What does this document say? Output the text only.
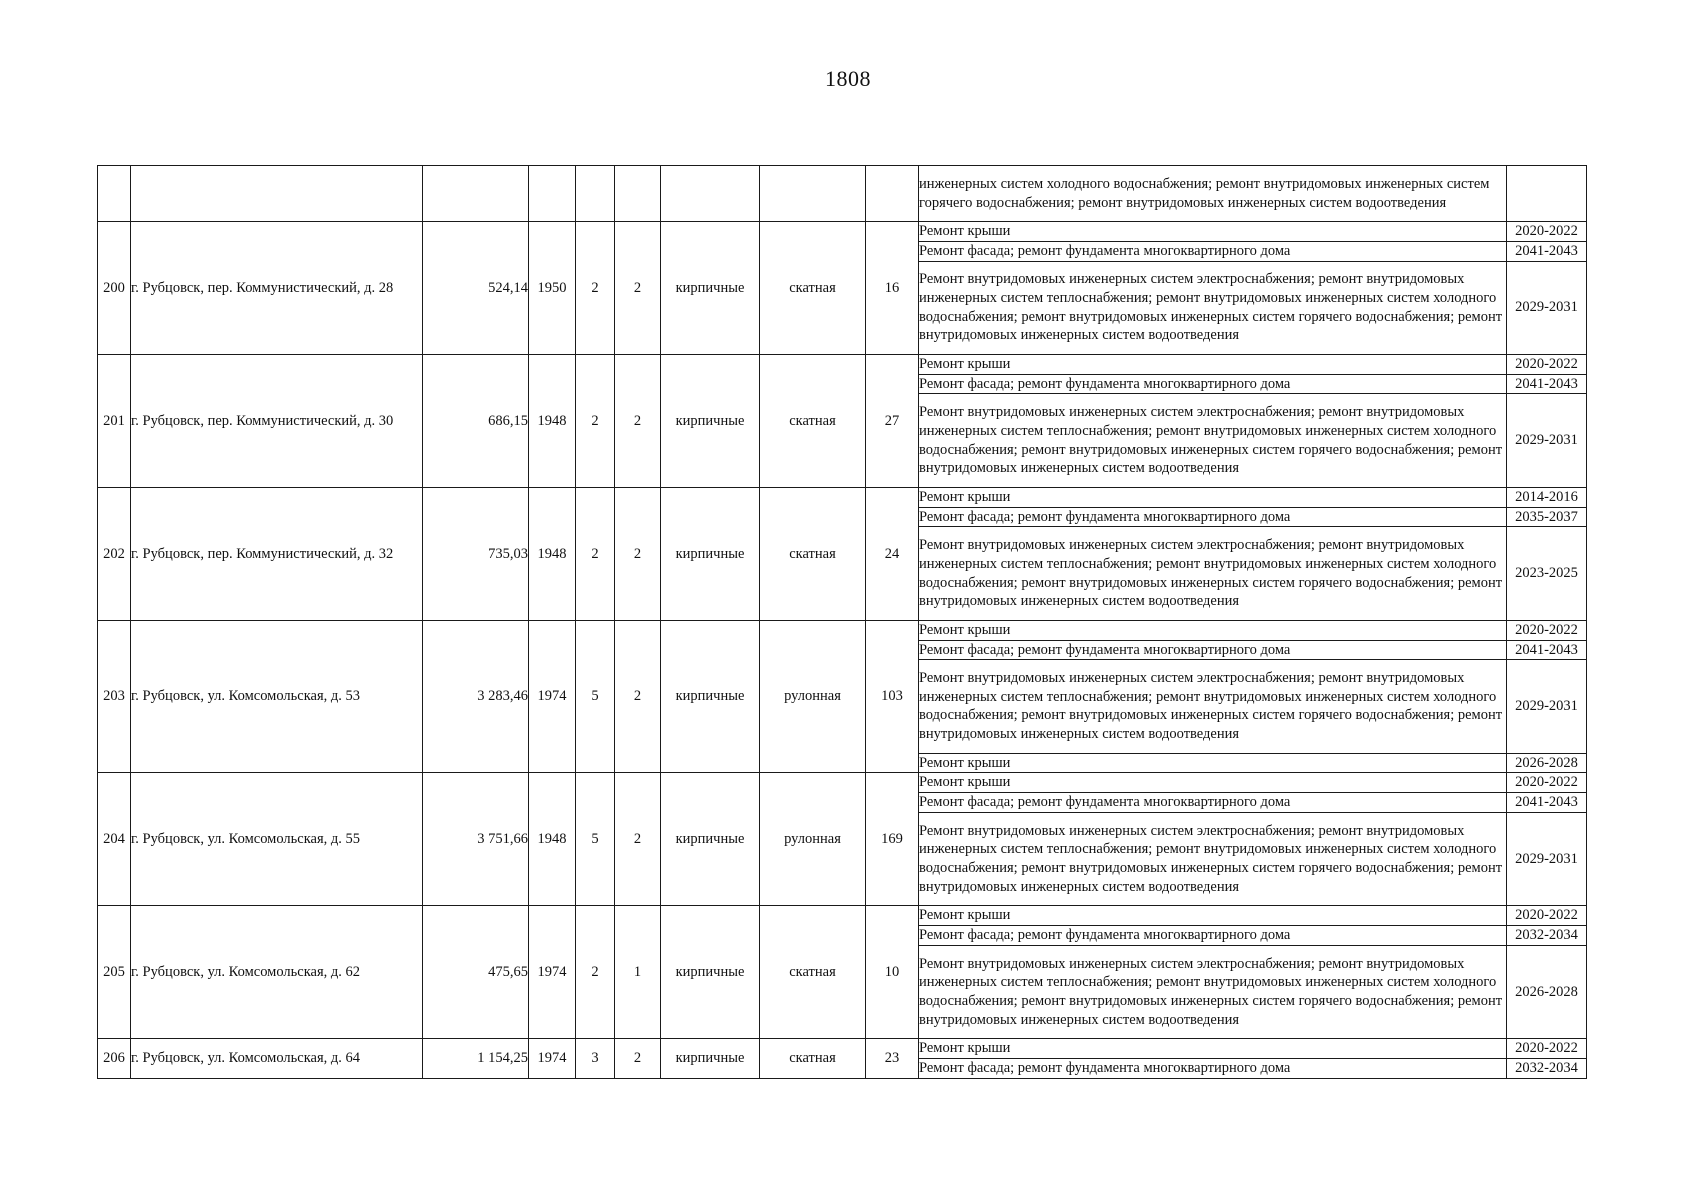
1808
									инженерных систем холодного водоснабжения; ремонт внутридомовых инженерных систем горячего водоснабжения; ремонт внутридомовых инженерных систем водоотведения	
200	г. Рубцовск, пер. Коммунистический, д. 28	524,14	1950	2	2	кирпичные	скатная	16	Ремонт крыши	2020-2022
									Ремонт фасада; ремонт фундамента многоквартирного дома	2041-2043
									Ремонт внутридомовых инженерных систем электроснабжения; ремонт внутридомовых инженерных систем теплоснабжения; ремонт внутридомовых инженерных систем холодного водоснабжения; ремонт внутридомовых инженерных систем горячего водоснабжения; ремонт внутридомовых инженерных систем водоотведения	2029-2031
201	г. Рубцовск, пер. Коммунистический, д. 30	686,15	1948	2	2	кирпичные	скатная	27	Ремонт крыши	2020-2022
									Ремонт фасада; ремонт фундамента многоквартирного дома	2041-2043
									Ремонт внутридомовых инженерных систем электроснабжения; ремонт внутридомовых инженерных систем теплоснабжения; ремонт внутридомовых инженерных систем холодного водоснабжения; ремонт внутридомовых инженерных систем горячего водоснабжения; ремонт внутридомовых инженерных систем водоотведения	2029-2031
202	г. Рубцовск, пер. Коммунистический, д. 32	735,03	1948	2	2	кирпичные	скатная	24	Ремонт крыши	2014-2016
									Ремонт фасада; ремонт фундамента многоквартирного дома	2035-2037
									Ремонт внутридомовых инженерных систем электроснабжения; ремонт внутридомовых инженерных систем теплоснабжения; ремонт внутридомовых инженерных систем холодного водоснабжения; ремонт внутридомовых инженерных систем горячего водоснабжения; ремонт внутридомовых инженерных систем водоотведения	2023-2025
203	г. Рубцовск, ул. Комсомольская, д. 53	3 283,46	1974	5	2	кирпичные	рулонная	103	Ремонт крыши	2020-2022
									Ремонт фасада; ремонт фундамента многоквартирного дома	2041-2043
									Ремонт внутридомовых инженерных систем электроснабжения; ремонт внутридомовых инженерных систем теплоснабжения; ремонт внутридомовых инженерных систем холодного водоснабжения; ремонт внутридомовых инженерных систем горячего водоснабжения; ремонт внутридомовых инженерных систем водоотведения	2029-2031
									Ремонт крыши	2026-2028
204	г. Рубцовск, ул. Комсомольская, д. 55	3 751,66	1948	5	2	кирпичные	рулонная	169	Ремонт крыши	2020-2022
									Ремонт фасада; ремонт фундамента многоквартирного дома	2041-2043
									Ремонт внутридомовых инженерных систем электроснабжения; ремонт внутридомовых инженерных систем теплоснабжения; ремонт внутридомовых инженерных систем холодного водоснабжения; ремонт внутридомовых инженерных систем горячего водоснабжения; ремонт внутридомовых инженерных систем водоотведения	2029-2031
205	г. Рубцовск, ул. Комсомольская, д. 62	475,65	1974	2	1	кирпичные	скатная	10	Ремонт крыши	2020-2022
									Ремонт фасада; ремонт фундамента многоквартирного дома	2032-2034
									Ремонт внутридомовых инженерных систем электроснабжения; ремонт внутридомовых инженерных систем теплоснабжения; ремонт внутридомовых инженерных систем холодного водоснабжения; ремонт внутридомовых инженерных систем горячего водоснабжения; ремонт внутридомовых инженерных систем водоотведения	2026-2028
206	г. Рубцовск, ул. Комсомольская, д. 64	1 154,25	1974	3	2	кирпичные	скатная	23	Ремонт крыши	2020-2022
									Ремонт фасада; ремонт фундамента многоквартирного дома	2032-2034
